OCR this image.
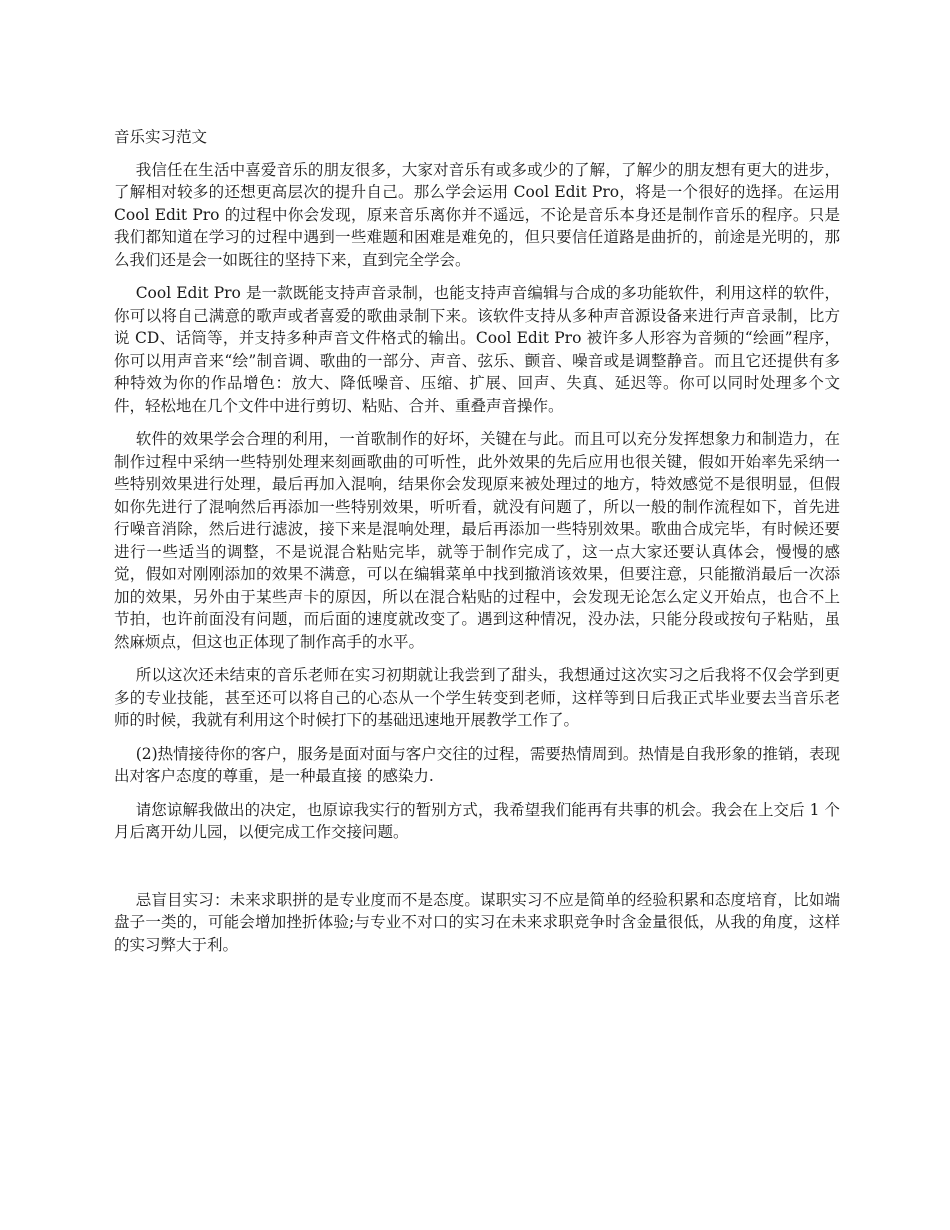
音乐实习范文

我信任在生活中喜爱音乐的朋友很多，大家对音乐有或多或少的了解，了解少的朋友想有更大的进步，了解相对较多的还想更高层次的提升自己。那么学会运用 Cool Edit Pro，将是一个很好的选择。在运用 Cool Edit Pro 的过程中你会发现，原来音乐离你并不遥远，不论是音乐本身还是制作音乐的程序。只是我们都知道在学习的过程中遇到一些难题和困难是难免的，但只要信任道路是曲折的，前途是光明的，那么我们还是会一如既往的坚持下来，直到完全学会。

Cool Edit Pro 是一款既能支持声音录制，也能支持声音编辑与合成的多功能软件，利用这样的软件，你可以将自己满意的歌声或者喜爱的歌曲录制下来。该软件支持从多种声音源设备来进行声音录制，比方说 CD、话筒等，并支持多种声音文件格式的输出。Cool Edit Pro 被许多人形容为音频的“绘画”程序，你可以用声音来“绘”制音调、歌曲的一部分、声音、弦乐、颤音、噪音或是调整静音。而且它还提供有多种特效为你的作品增色：放大、降低噪音、压缩、扩展、回声、失真、延迟等。你可以同时处理多个文件，轻松地在几个文件中进行剪切、粘贴、合并、重叠声音操作。

软件的效果学会合理的利用，一首歌制作的好坏，关键在与此。而且可以充分发挥想象力和制造力，在制作过程中采纳一些特别处理来刻画歌曲的可听性，此外效果的先后应用也很关键，假如开始率先采纳一些特别效果进行处理，最后再加入混响，结果你会发现原来被处理过的地方，特效感觉不是很明显，但假如你先进行了混响然后再添加一些特别效果，听听看，就没有问题了，所以一般的制作流程如下，首先进行噪音消除，然后进行滤波，接下来是混响处理，最后再添加一些特别效果。歌曲合成完毕，有时候还要进行一些适当的调整，不是说混合粘贴完毕，就等于制作完成了，这一点大家还要认真体会，慢慢的感觉，假如对刚刚添加的效果不满意，可以在编辑菜单中找到撤消该效果，但要注意，只能撤消最后一次添加的效果，另外由于某些声卡的原因，所以在混合粘贴的过程中，会发现无论怎么定义开始点，也合不上节拍，也许前面没有问题，而后面的速度就改变了。遇到这种情况，没办法，只能分段或按句子粘贴，虽然麻烦点，但这也正体现了制作高手的水平。

所以这次还未结束的音乐老师在实习初期就让我尝到了甜头，我想通过这次实习之后我将不仅会学到更多的专业技能，甚至还可以将自己的心态从一个学生转变到老师，这样等到日后我正式毕业要去当音乐老师的时候，我就有利用这个时候打下的基础迅速地开展教学工作了。

(2)热情接待你的客户，服务是面对面与客户交往的过程，需要热情周到。热情是自我形象的推销，表现出对客户态度的尊重，是一种最直接 的感染力.

请您谅解我做出的决定，也原谅我实行的暂别方式，我希望我们能再有共事的机会。我会在上交后 1 个月后离开幼儿园，以便完成工作交接问题。

忌盲目实习：未来求职拼的是专业度而不是态度。谋职实习不应是简单的经验积累和态度培育，比如端盘子一类的，可能会增加挫折体验;与专业不对口的实习在未来求职竞争时含金量很低，从我的角度，这样的实习弊大于利。
